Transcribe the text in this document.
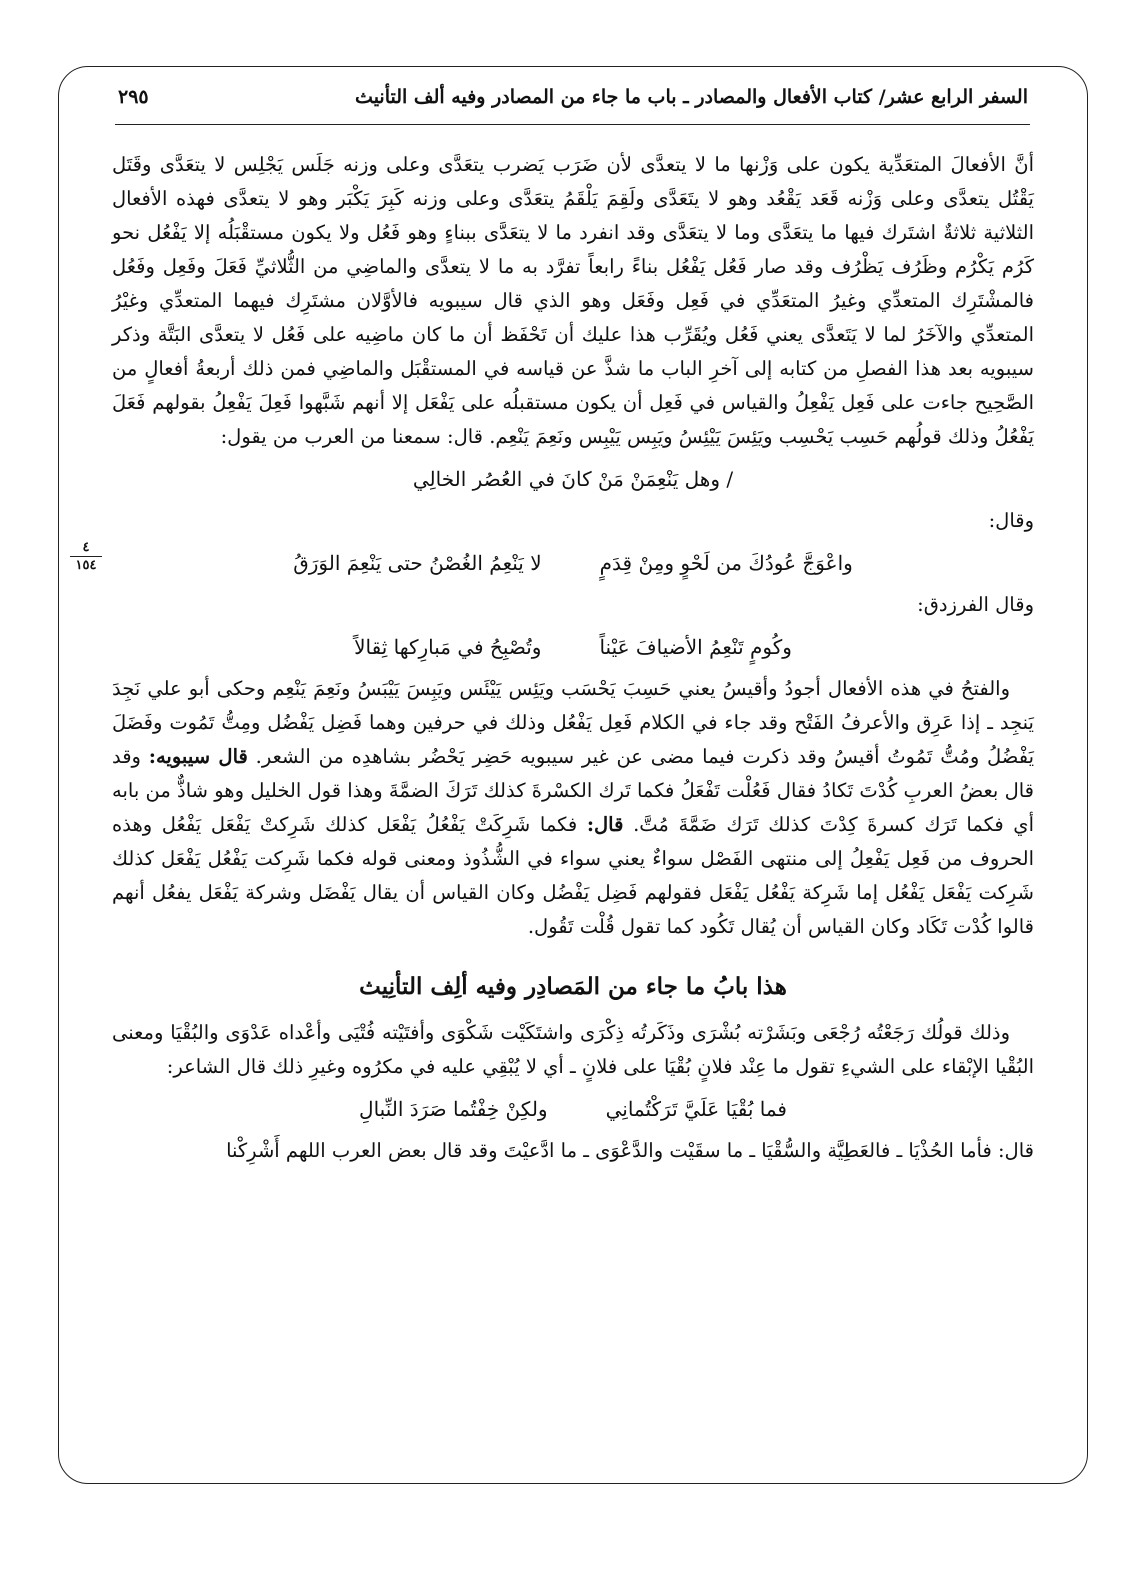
السفر الرابع عشر/ كتاب الأفعال والمصادر ـ باب ما جاء من المصادر وفيه ألف التأنيث
٢٩٥
٤
١٥٤

أنَّ الأفعالَ المتعَدِّية يكون على وَزْنها ما لا يتعدَّى لأن ضَرَب يَضرب يتعَدَّى وعلى وزنه جَلَس يَجْلِس لا يتعَدَّى وقَتَل يَقْتُل يتعدَّى وعلى وَزْنه قَعَد يَقْعُد وهو لا يتَعَدَّى ولَقِمَ يَلْقَمُ يتعَدَّى وعلى وزنه كَبِرَ يَكْبَر وهو لا يتعدَّى فهذه الأفعال الثلاثية ثلاثةٌ اشتَرك فيها ما يتعَدَّى وما لا يتعَدَّى وقد انفرد ما لا يتعَدَّى ببناءٍ وهو فَعُل ولا يكون مستقْبَلُه إلا يَفْعُل نحو كَرُم يَكْرُم وظَرُف يَظْرُف وقد صار فَعُل يَفْعُل بناءً رابعاً تفرَّد به ما لا يتعدَّى والماضِي من الثُّلاثيِّ فَعَلَ وفَعِل وفَعُل فالمشْتَرِك المتعدِّي وغيرُ المتعَدِّي في فَعِل وفَعَل وهو الذي قال سيبويه فالأوَّلان مشتَرِك فيهما المتعدِّي وغيْرُ المتعدِّي والآخَرُ لما لا يَتَعدَّى يعني فَعُل ويُقَرِّب هذا عليك أن تَحْفَظ أن ما كان ماضِيه على فَعُل لا يتعدَّى البَتَّة وذكر سيبويه بعد هذا الفصلِ من كتابه إلى آخرِ الباب ما شذَّ عن قياسه في المستقْبَل والماضِي فمن ذلك أربعةُ أفعالٍ من الصَّحِيح جاءت على فَعِل يَفْعِلُ والقياس في فَعِل أن يكون مستقبلُه على يَفْعَل إلا أنهم شَبَّهوا فَعِلَ يَفْعِلُ بقولهم فَعَلَ يَفْعُلُ وذلك قولُهم حَسِب يَحْسِب ويَئِسَ يَيْئِسُ ويَبِس يَيْبِس ونَعِمَ يَنْعِم. قال: سمعنا من العرب من يقول:

/ وهل يَنْعِمَنْ مَنْ كانَ في العُصُر الخالِي

وقال:

واعْوَجَّ عُودُكَ من لَحْوٍ ومِنْ قِدَمٍ
لا يَنْعِمُ الغُصْنُ حتى يَنْعِمَ الوَرَقُ

وقال الفرزدق:

وكُومٍ تَنْعِمُ الأضيافَ عَيْناً
وتُصْبِحُ في مَبارِكها ثِقالاً

والفتحُ في هذه الأفعال أجودُ وأقيسُ يعني حَسِبَ يَحْسَب ويَئِس يَيْئَس ويَبِسَ يَيْبَسُ ونَعِمَ يَنْعِم وحكى أبو علي نَجِدَ يَنجِد ـ إذا عَرِق والأعرفُ الفَتْح وقد جاء في الكلام فَعِل يَفْعُل وذلك في حرفين وهما فَضِل يَفْضُل ومِتُّ تَمُوت وفَضَلَ يَفْضُلُ ومُتُّ تَمُوتُ أقيسُ وقد ذكرت فيما مضى عن غير سيبويه حَضِر يَحْضُر بشاهدِه من الشعر. قال سيبويه: وقد قال بعضُ العربِ كُدْتَ تَكادُ فقال فَعُلْت تَفْعَلُ فكما تَرك الكسْرةَ كذلك تَرَكَ الضمَّةَ وهذا قول الخليل وهو شاذٌّ من بابه أي فكما تَرَك كسرةَ كِدْتَ كذلك تَرَك ضَمَّةَ مُتَّ. قال: فكما شَرِكَتْ يَفْعُلُ يَفْعَل كذلك شَرِكتْ يَفْعَل يَفْعُل وهذه الحروف من فَعِل يَفْعِلُ إلى منتهى الفَصْل سواءٌ يعني سواء في الشُّذُوذ ومعنى قوله فكما شَرِكت يَفْعُل يَفْعَل كذلك شَرِكت يَفْعَل يَفْعُل إما شَرِكة يَفْعُل يَفْعَل فقولهم فَضِل يَفْضُل وكان القياس أن يقال يَفْضَل وشركة يَفْعَل يفعُل أنهم قالوا كُدْت تَكَاد وكان القياس أن يُقال تَكُود كما تقول قُلْت تَقُول.

هذا بابُ ما جاء من المَصادِر وفيه ألِف التأنِيث

وذلك قولُك رَجَعْتُه رُجْعَى وبَشَرْته بُشْرَى وذَكَرتُه ذِكْرَى واشتَكَيْت شَكْوَى وأفتَيْته فُتْيَى وأعْداه عَدْوَى والبُقْيَا ومعنى البُقْيا الإبْقاء على الشيءِ تقول ما عِنْد فلانٍ بُقْيَا على فلانٍ ـ أي لا يُبْقِي عليه في مكرُوه وغيرِ ذلك قال الشاعر:

فما بُقْيَا عَلَيَّ تَرَكْتُمانِي
ولكِنْ خِفْتُما صَرَدَ النِّبالِ

قال: فأما الحُذْيَا ـ فالعَطِيَّة والسُّقْيَا ـ ما سقَيْت والدَّعْوَى ـ ما ادَّعيْتَ وقد قال بعض العرب اللهم أَشْرِكْنا
